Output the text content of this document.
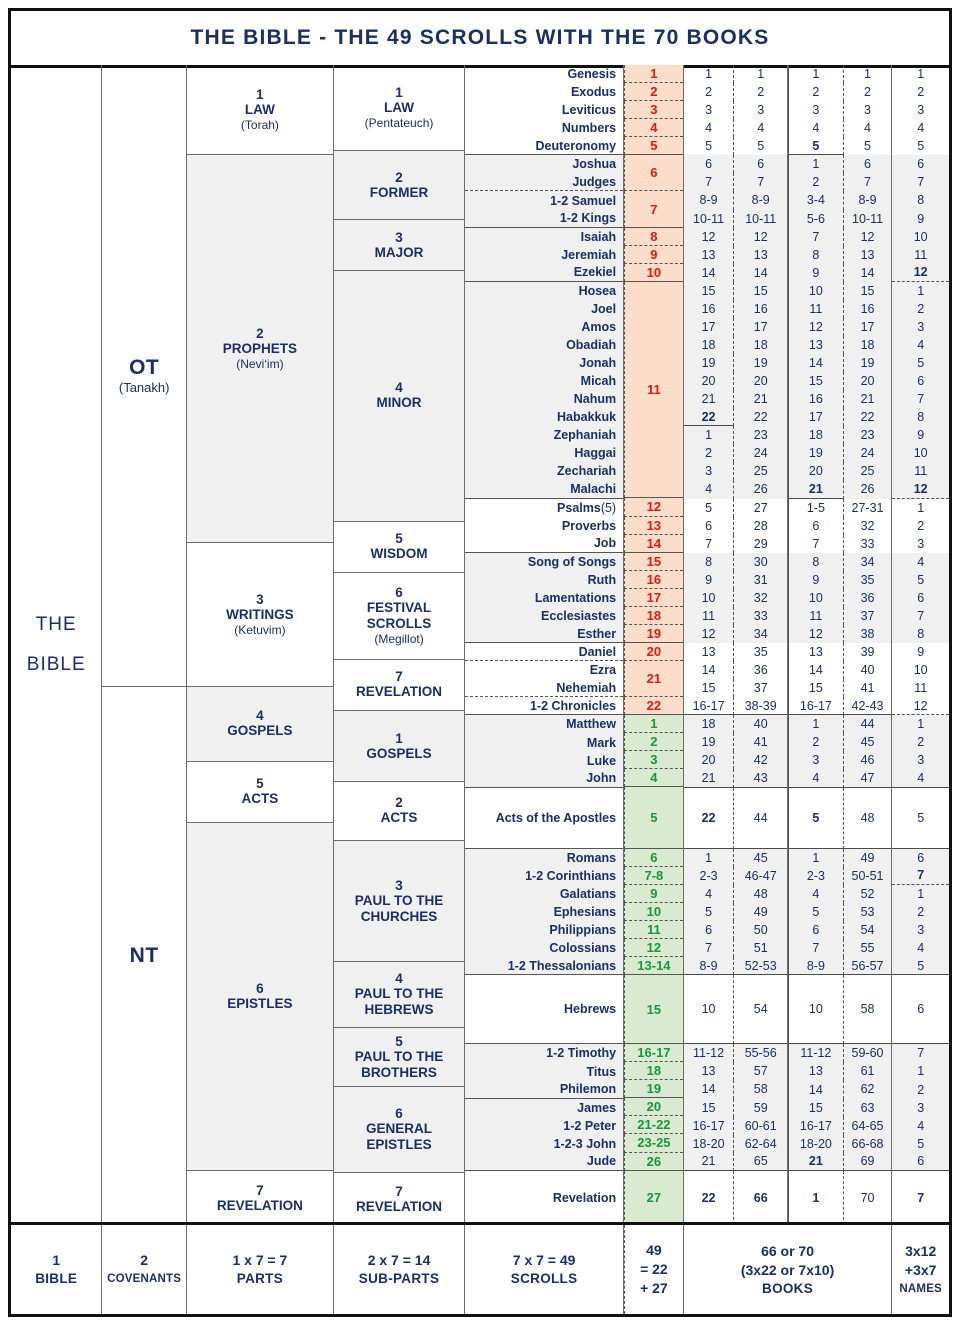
THE BIBLE - THE 49 SCROLLS WITH THE 70 BOOKS
THE
BIBLE
OT
(Tanakh)
NT
1
LAW
(Torah)
2
PROPHETS
(Nevi‘im)
3
WRITINGS
(Ketuvim)
4
GOSPELS
5
ACTS
6
EPISTLES
7
REVELATION
1
LAW
(Pentateuch)
2
FORMER
3
MAJOR
4
MINOR
5
WISDOM
6
FESTIVAL
SCROLLS
(Megillot)
7
REVELATION
1
GOSPELS
2
ACTS
3
PAUL TO THE
CHURCHES
4
PAUL TO THE
HEBREWS
5
PAUL TO THE
BROTHERS
6
GENERAL
EPISTLES
7
REVELATION
Genesis
Exodus
Leviticus
Numbers
Deuteronomy
Joshua
Judges
1-2 Samuel
1-2 Kings
Isaiah
Jeremiah
Ezekiel
Hosea
Joel
Amos
Obadiah
Jonah
Micah
Nahum
Habakkuk
Zephaniah
Haggai
Zechariah
Malachi
Psalms (5)
Proverbs
Job
Song of Songs
Ruth
Lamentations
Ecclesiastes
Esther
Daniel
Ezra
Nehemiah
1-2 Chronicles
Matthew
Mark
Luke
John
Acts of the Apostles
Romans
1-2 Corinthians
Galatians
Ephesians
Philippians
Colossians
1-2 Thessalonians
Hebrews
1-2 Timothy
Titus
Philemon
James
1-2 Peter
1-2-3 John
Jude
Revelation
1
2
3
4
5
6
7
8
9
10
11
12
13
14
15
16
17
18
19
20
21
22
1
2
3
4
5
6
7-8
9
10
11
12
13-14
15
16-17
18
19
20
21-22
23-25
26
27
1
2
3
4
5
6
7
8-9
10-11
12
13
14
15
16
17
18
19
20
21
22
1
2
3
4
5
6
7
8
9
10
11
12
13
14
15
16-17
18
19
20
21
22
1
2-3
4
5
6
7
8-9
10
11-12
13
14
15
16-17
18-20
21
22
1
2
3
4
5
6
7
8-9
10-11
12
13
14
15
16
17
18
19
20
21
22
23
24
25
26
27
28
29
30
31
32
33
34
35
36
37
38-39
40
41
42
43
44
45
46-47
48
49
50
51
52-53
54
55-56
57
58
59
60-61
62-64
65
66
1
2
3
4
5
1
2
3-4
5-6
7
8
9
10
11
12
13
14
15
16
17
18
19
20
21
1-5
6
7
8
9
10
11
12
13
14
15
16-17
1
2
3
4
5
1
2-3
4
5
6
7
8-9
10
11-12
13
14
15
16-17
18-20
21
1
1
2
3
4
5
6
7
8-9
10-11
12
13
14
15
16
17
18
19
20
21
22
23
24
25
26
27-31
32
33
34
35
36
37
38
39
40
41
42-43
44
45
46
47
48
49
50-51
52
53
54
55
56-57
58
59-60
61
62
63
64-65
66-68
69
70
1
2
3
4
5
6
7
8
9
10
11
12
1
2
3
4
5
6
7
8
9
10
11
12
1
2
3
4
5
6
7
8
9
10
11
12
1
2
3
4
5
6
7
1
2
3
4
5
6
7
1
2
3
4
5
6
7
1
BIBLE
2
COVENANTS
1 x 7 = 7
PARTS
2 x 7 = 14
SUB-PARTS
7 x 7 = 49
SCROLLS
49
= 22
+ 27
66 or 70
(3x22 or 7x10)
BOOKS
3x12
+3x7
NAMES
